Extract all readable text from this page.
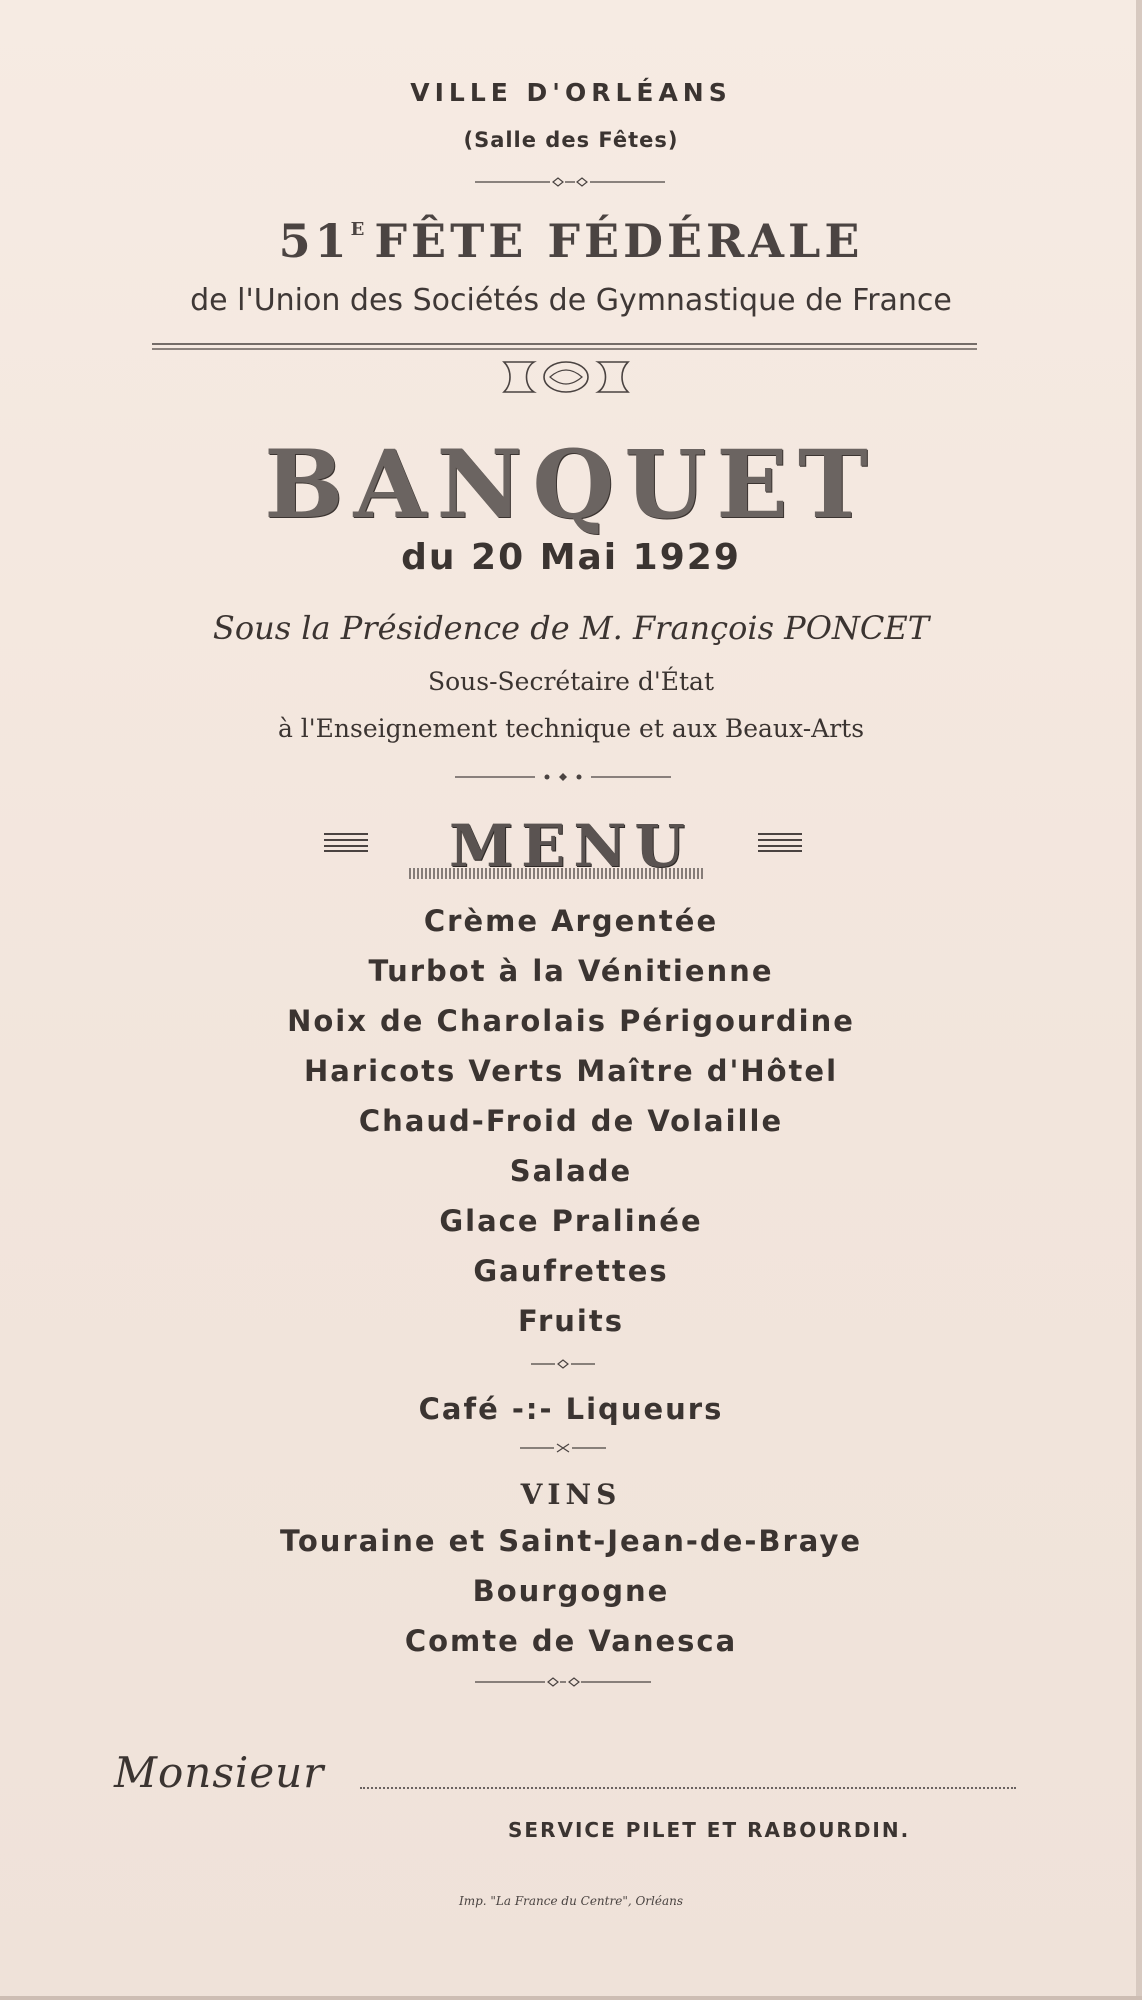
VILLE D'ORLÉANS
(Salle des Fêtes)
$51^E$ FÊTE FÉDÉRALE
de l'Union des Sociétés de Gymnastique de France
BANQUET
du 20 Mai 1929
Sous la Présidence de M. François PONCET
Sous-Secrétaire d'État
à l'Enseignement technique et aux Beaux-Arts
MENU
Crème Argentée
Turbot à la Vénitienne
Noix de Charolais Périgourdine
Haricots Verts Maître d'Hôtel
Chaud-Froid de Volaille
Salade
Glace Pralinée
Gaufrettes
Fruits
Café -:- Liqueurs
VINS
Touraine et Saint-Jean-de-Braye
Bourgogne
Comte de Vanesca
Monsieur
SERVICE PILET ET RABOURDIN.
Imp. "La France du Centre", Orléans
